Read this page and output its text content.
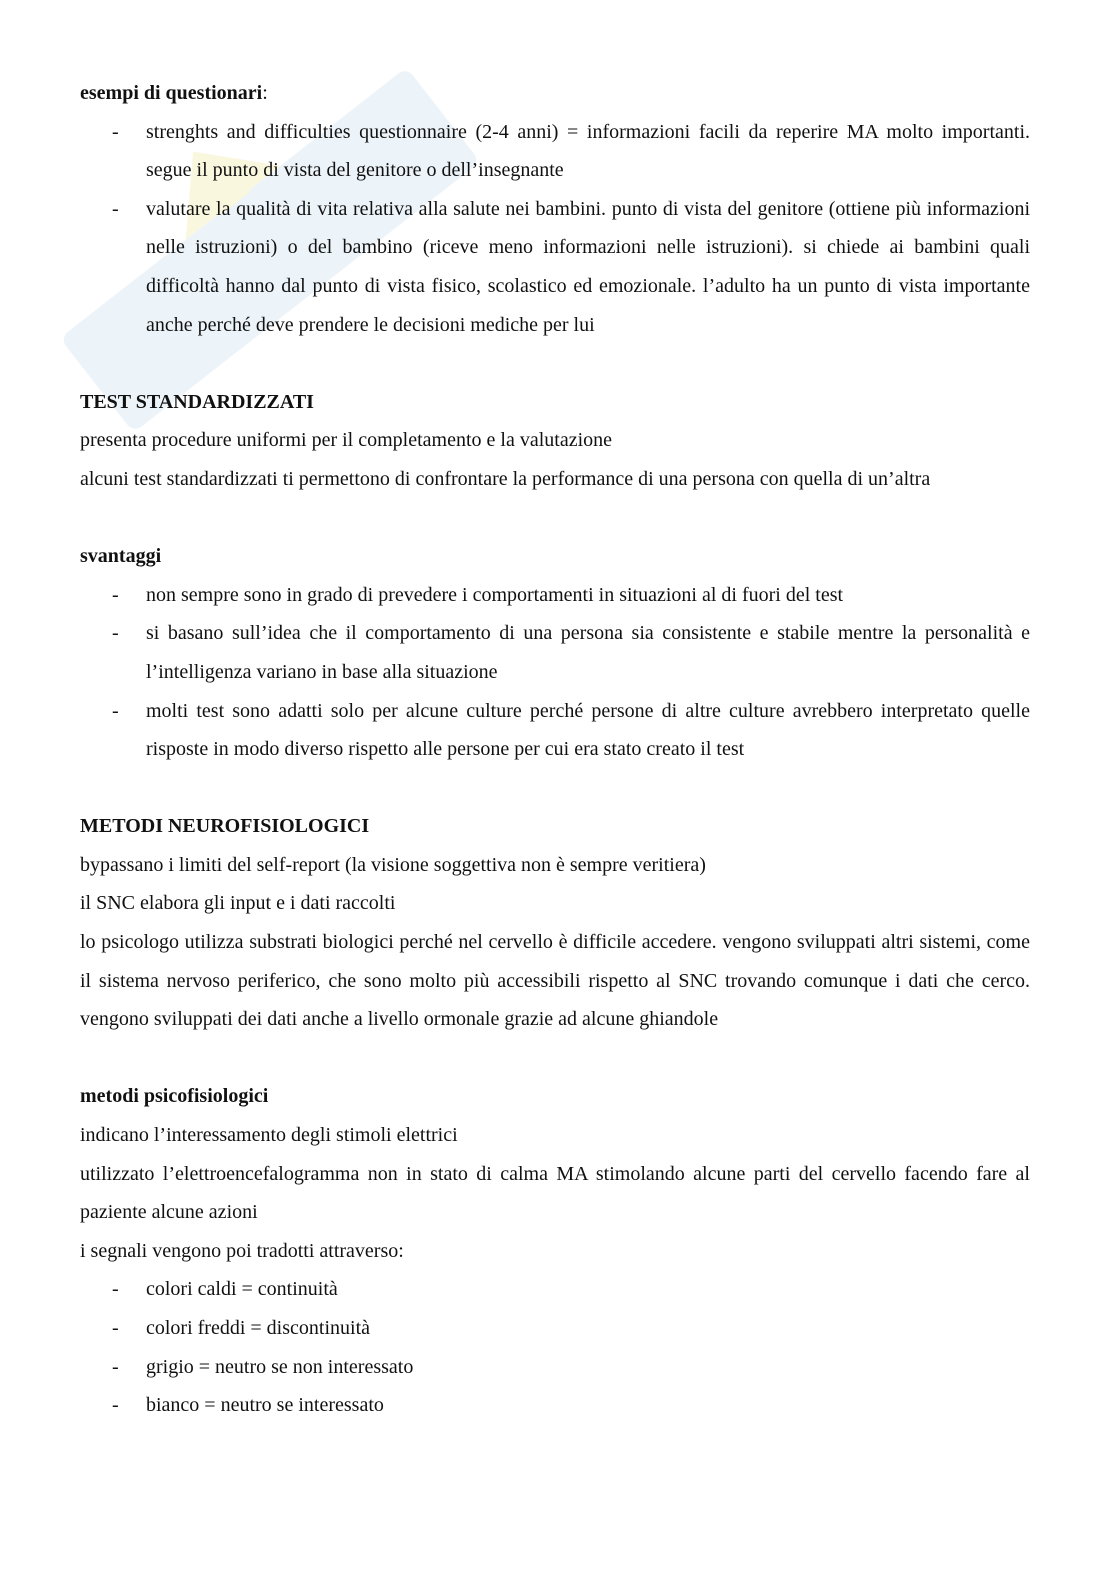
esempi di questionari:

- strenghts and difficulties questionnaire (2-4 anni) = informazioni facili da reperire MA molto importanti. segue il punto di vista del genitore o dell’insegnante
- valutare la qualità di vita relativa alla salute nei bambini. punto di vista del genitore (ottiene più informazioni nelle istruzioni) o del bambino (riceve meno informazioni nelle istruzioni). si chiede ai bambini quali difficoltà hanno dal punto di vista fisico, scolastico ed emozionale. l’adulto ha un punto di vista importante anche perché deve prendere le decisioni mediche per lui

TEST STANDARDIZZATI

presenta procedure uniformi per il completamento e la valutazione

alcuni test standardizzati ti permettono di confrontare la performance di una persona con quella di un’altra

svantaggi

- non sempre sono in grado di prevedere i comportamenti in situazioni al di fuori del test
- si basano sull’idea che il comportamento di una persona sia consistente e stabile mentre la personalità e l’intelligenza variano in base alla situazione
- molti test sono adatti solo per alcune culture perché persone di altre culture avrebbero interpretato quelle risposte in modo diverso rispetto alle persone per cui era stato creato il test

METODI NEUROFISIOLOGICI

bypassano i limiti del self-report (la visione soggettiva non è sempre veritiera)

il SNC elabora gli input e i dati raccolti

lo psicologo utilizza substrati biologici perché nel cervello è difficile accedere. vengono sviluppati altri sistemi, come il sistema nervoso periferico, che sono molto più accessibili rispetto al SNC trovando comunque i dati che cerco. vengono sviluppati dei dati anche a livello ormonale grazie ad alcune ghiandole

metodi psicofisiologici

indicano l’interessamento degli stimoli elettrici

utilizzato l’elettroencefalogramma non in stato di calma MA stimolando alcune parti del cervello facendo fare al paziente alcune azioni

i segnali vengono poi tradotti attraverso:

- colori caldi = continuità
- colori freddi = discontinuità
- grigio = neutro se non interessato
- bianco = neutro se interessato
